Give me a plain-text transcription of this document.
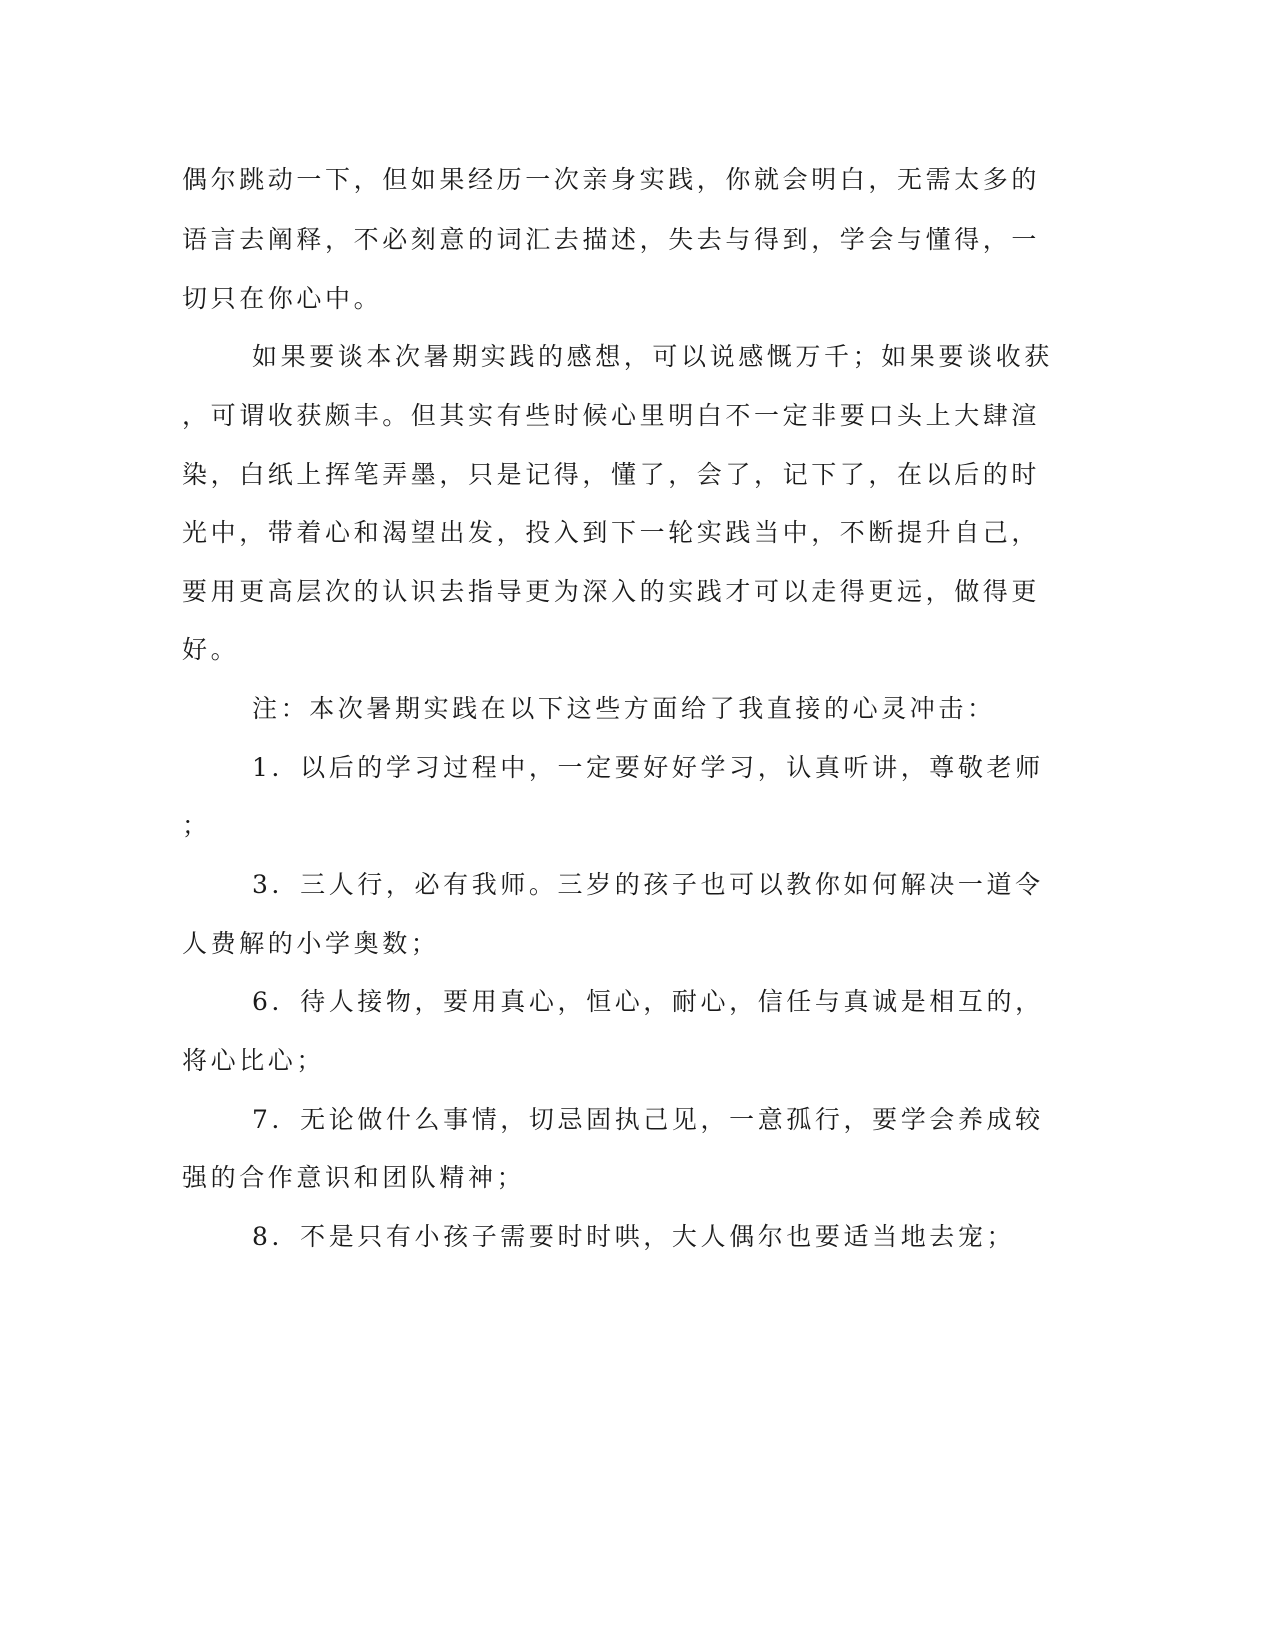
偶尔跳动一下，但如果经历一次亲身实践，你就会明白，无需太多的
语言去阐释，不必刻意的词汇去描述，失去与得到，学会与懂得，一
切只在你心中。
如果要谈本次暑期实践的感想，可以说感慨万千；如果要谈收获
，可谓收获颇丰。但其实有些时候心里明白不一定非要口头上大肆渲
染，白纸上挥笔弄墨，只是记得，懂了，会了，记下了，在以后的时
光中，带着心和渴望出发，投入到下一轮实践当中，不断提升自己，
要用更高层次的认识去指导更为深入的实践才可以走得更远，做得更
好。
注：本次暑期实践在以下这些方面给了我直接的心灵冲击：
1．以后的学习过程中，一定要好好学习，认真听讲，尊敬老师
；
3．三人行，必有我师。三岁的孩子也可以教你如何解决一道令
人费解的小学奥数；
6．待人接物，要用真心，恒心，耐心，信任与真诚是相互的，
将心比心；
7．无论做什么事情，切忌固执己见，一意孤行，要学会养成较
强的合作意识和团队精神；
8．不是只有小孩子需要时时哄，大人偶尔也要适当地去宠；
